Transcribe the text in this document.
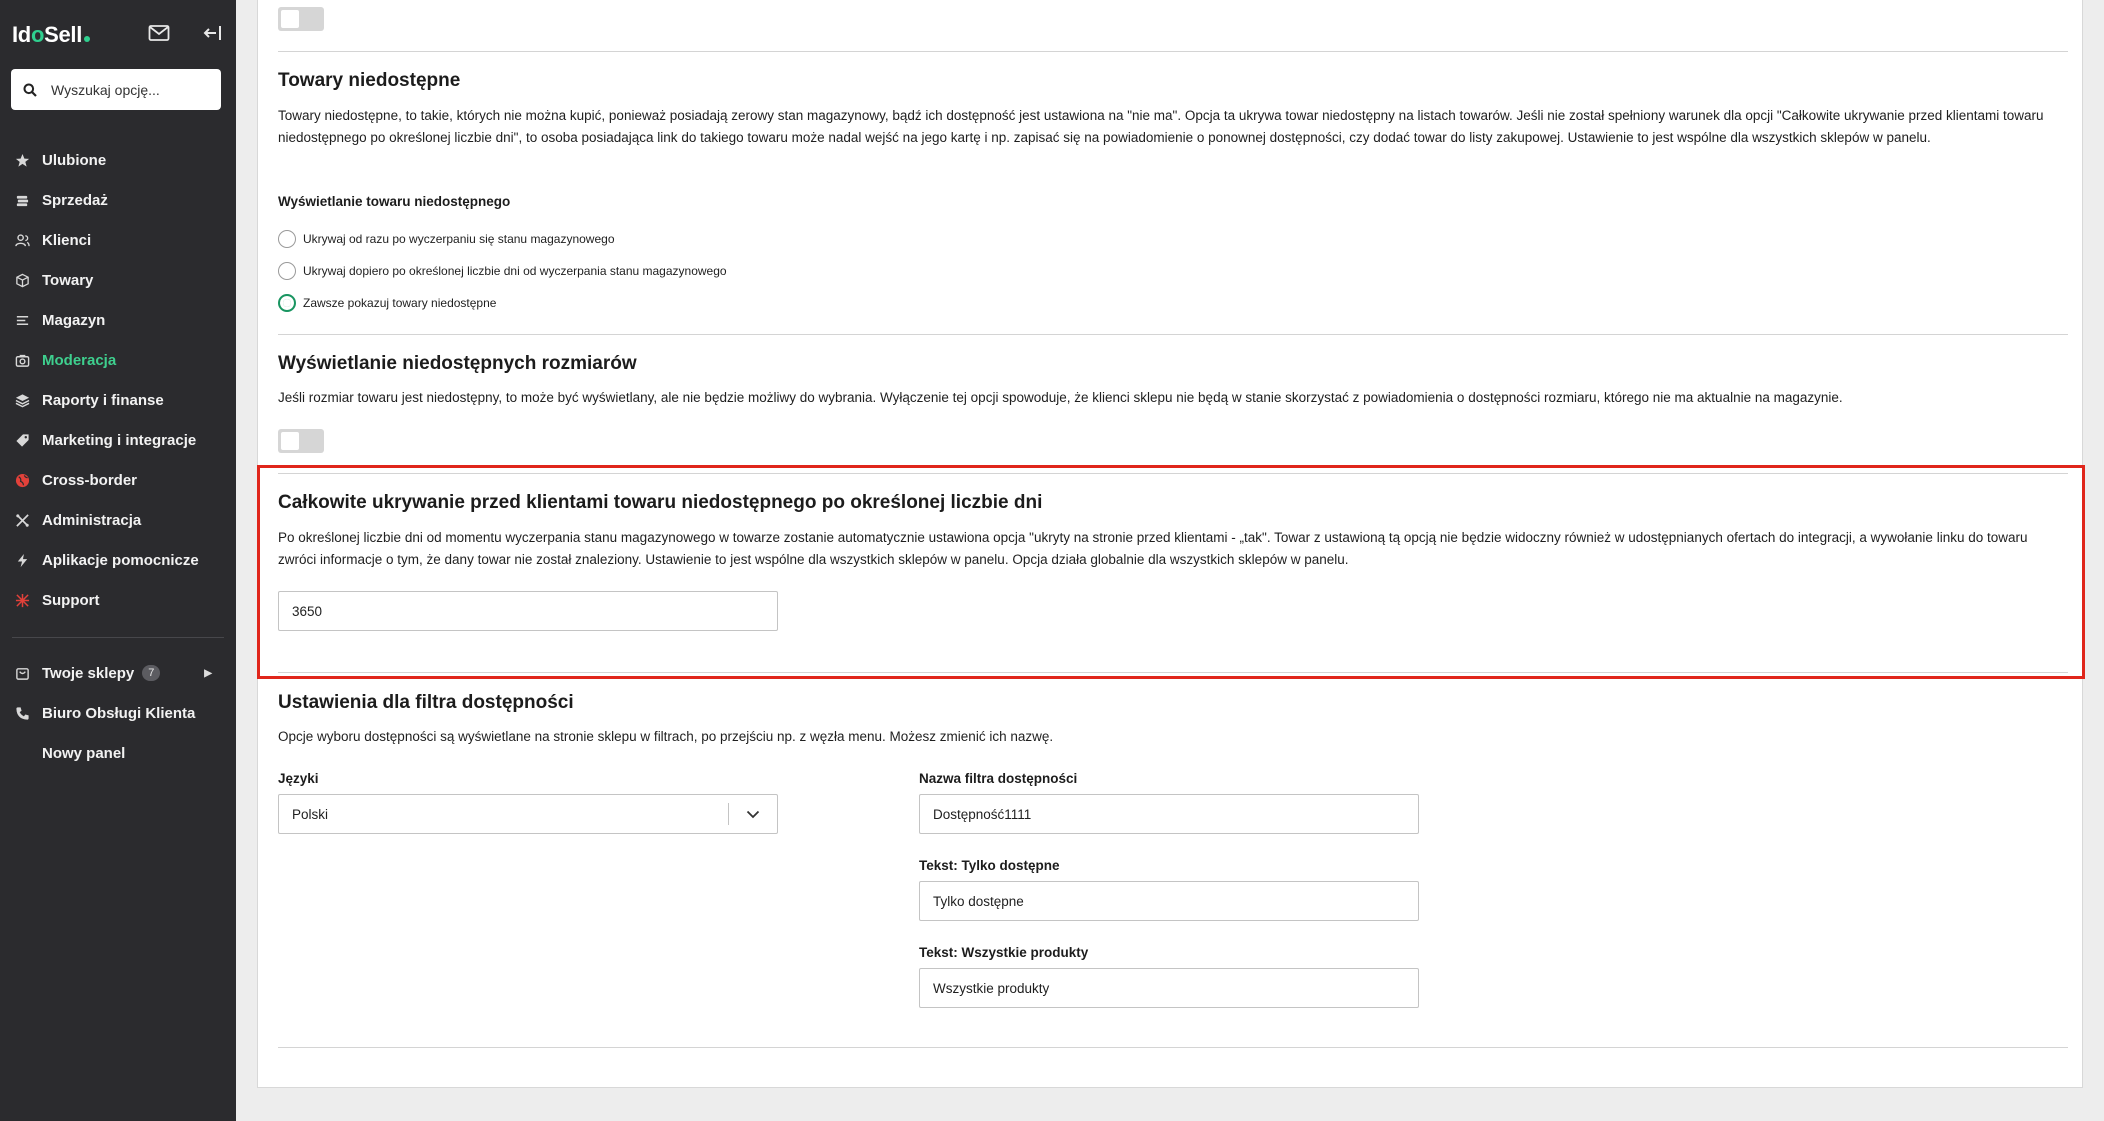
IdoSell
Wyszukaj opcję...
Ulubione
Sprzedaż
Klienci
Towary
Magazyn
Moderacja
Raporty i finanse
Marketing i integracje
Cross-border
Administracja
Aplikacje pomocnicze
Support
Twoje sklepy	7	▶
Biuro Obsługi Klienta
Nowy panel
Towary niedostępne
Towary niedostępne, to takie, których nie można kupić, ponieważ posiadają zerowy stan magazynowy, bądź ich dostępność jest ustawiona na "nie ma". Opcja ta ukrywa towar niedostępny na listach towarów. Jeśli nie został spełniony warunek dla opcji "Całkowite ukrywanie przed klientami towaru niedostępnego po określonej liczbie dni", to osoba posiadająca link do takiego towaru może nadal wejść na jego kartę i np. zapisać się na powiadomienie o ponownej dostępności, czy dodać towar do listy zakupowej. Ustawienie to jest wspólne dla wszystkich sklepów w panelu.
Wyświetlanie towaru niedostępnego
Ukrywaj od razu po wyczerpaniu się stanu magazynowego
Ukrywaj dopiero po określonej liczbie dni od wyczerpania stanu magazynowego
Zawsze pokazuj towary niedostępne
Wyświetlanie niedostępnych rozmiarów
Jeśli rozmiar towaru jest niedostępny, to może być wyświetlany, ale nie będzie możliwy do wybrania. Wyłączenie tej opcji spowoduje, że klienci sklepu nie będą w stanie skorzystać z powiadomienia o dostępności rozmiaru, którego nie ma aktualnie na magazynie.
Całkowite ukrywanie przed klientami towaru niedostępnego po określonej liczbie dni
Po określonej liczbie dni od momentu wyczerpania stanu magazynowego w towarze zostanie automatycznie ustawiona opcja "ukryty na stronie przed klientami - „tak". Towar z ustawioną tą opcją nie będzie widoczny również w udostępnianych ofertach do integracji, a wywołanie linku do towaru zwróci informacje o tym, że dany towar nie został znaleziony. Ustawienie to jest wspólne dla wszystkich sklepów w panelu. Opcja działa globalnie dla wszystkich sklepów w panelu.
3650
Ustawienia dla filtra dostępności
Opcje wyboru dostępności są wyświetlane na stronie sklepu w filtrach, po przejściu np. z węzła menu. Możesz zmienić ich nazwę.
Języki
Polski
Nazwa filtra dostępności
Dostępność1111
Tekst: Tylko dostępne
Tylko dostępne
Tekst: Wszystkie produkty
Wszystkie produkty
